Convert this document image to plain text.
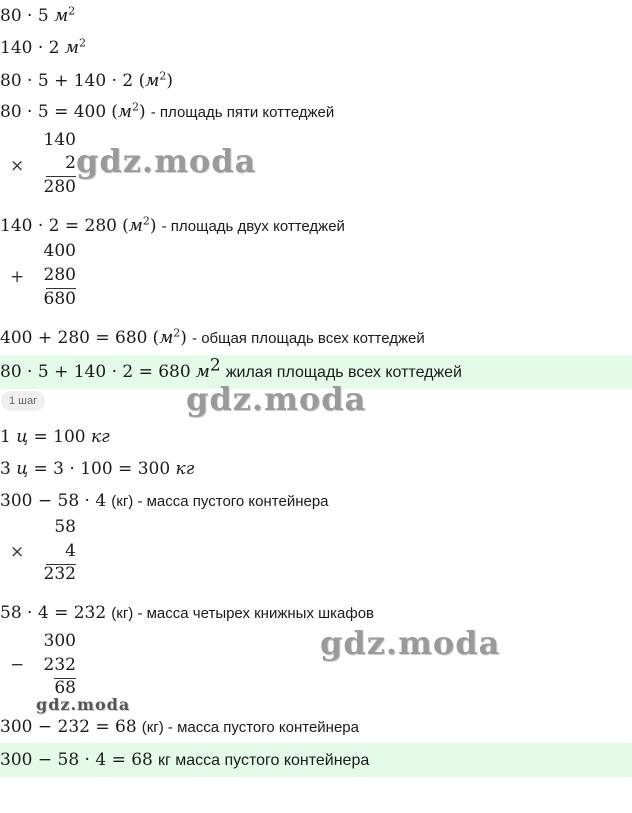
80 · 5 $м^2$
140 · 2 $м^2$
80 · 5 + 140 · 2 $(м^2)$
80 · 5 = 400 $(м^2)$ - площадь пяти коттеджей
×
140
2
280
140 · 2 = 280 $(м^2)$ - площадь двух коттеджей
+
400
280
680
400 + 280 = 680 $(м^2)$ - общая площадь всех коттеджей
80 · 5 + 140 · 2 = 680 $м^2$ жилая площадь всех коттеджей
1 шаг
1 ц = 100 кг
3 ц = 3 · 100 = 300 кг
300 − 58 · 4 (кг) - масса пустого контейнера
×
58
4
232
58 · 4 = 232 (кг) - масса четырех книжных шкафов
−
300
232
68
300 − 232 = 68 (кг) - масса пустого контейнера
300 − 58 · 4 = 68 кг масса пустого контейнера
gdz.moda
gdz.moda
gdz.moda
gdz.moda
